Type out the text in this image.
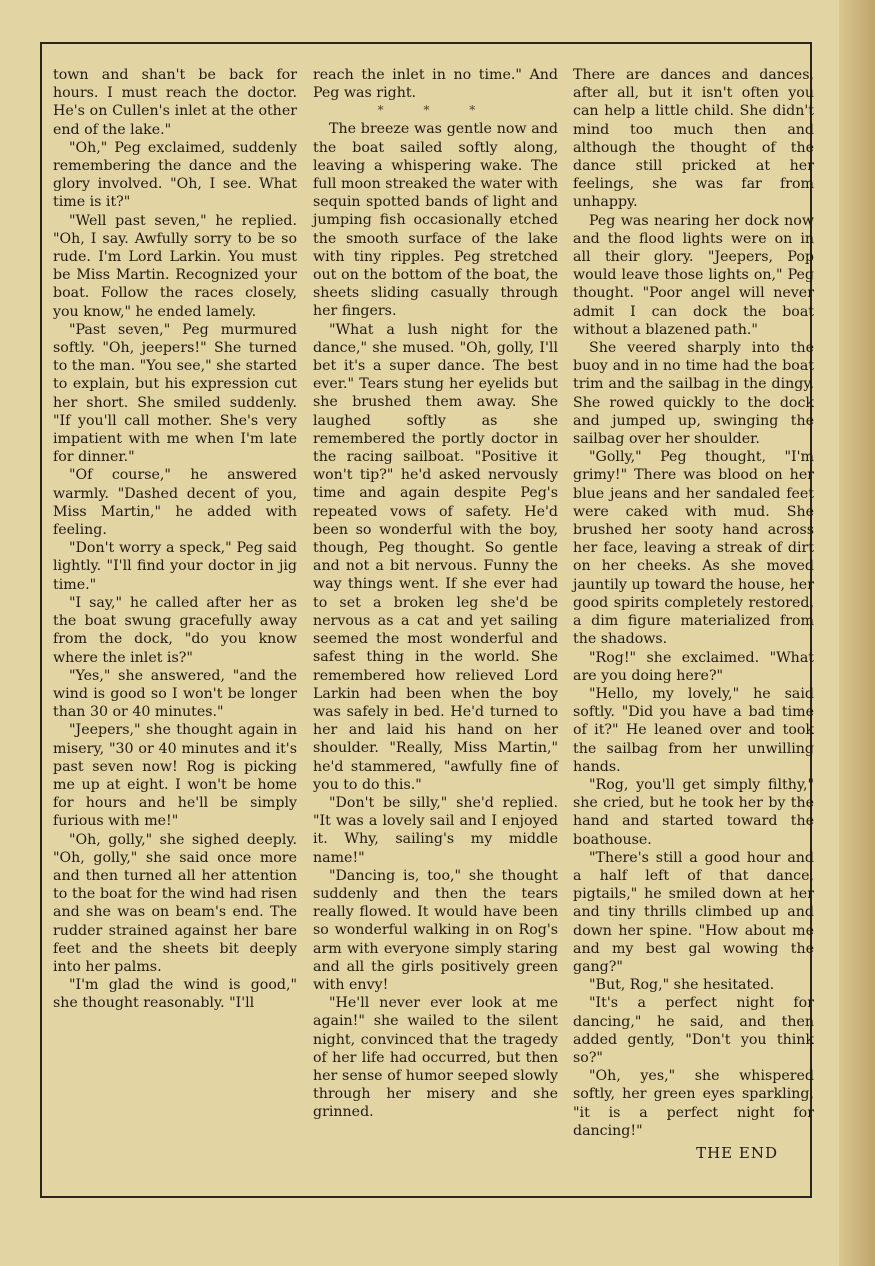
town and shan't be back for hours. I must reach the doctor. He's on Cullen's inlet at the other end of the lake."

"Oh," Peg exclaimed, suddenly remembering the dance and the glory involved. "Oh, I see. What time is it?"

"Well past seven," he replied. "Oh, I say. Awfully sorry to be so rude. I'm Lord Larkin. You must be Miss Martin. Recognized your boat. Follow the races closely, you know," he ended lamely.

"Past seven," Peg murmured softly. "Oh, jeepers!" She turned to the man. "You see," she started to explain, but his expression cut her short. She smiled suddenly. "If you'll call mother. She's very impatient with me when I'm late for dinner."

"Of course," he answered warmly. "Dashed decent of you, Miss Martin," he added with feeling.

"Don't worry a speck," Peg said lightly. "I'll find your doctor in jig time."

"I say," he called after her as the boat swung gracefully away from the dock, "do you know where the inlet is?"

"Yes," she answered, "and the wind is good so I won't be longer than 30 or 40 minutes."

"Jeepers," she thought again in misery, "30 or 40 minutes and it's past seven now! Rog is picking me up at eight. I won't be home for hours and he'll be simply furious with me!"

"Oh, golly," she sighed deeply. "Oh, golly," she said once more and then turned all her attention to the boat for the wind had risen and she was on beam's end. The rudder strained against her bare feet and the sheets bit deeply into her palms.

"I'm glad the wind is good," she thought reasonably. "I'll

reach the inlet in no time." And Peg was right.

* * *

The breeze was gentle now and the boat sailed softly along, leaving a whispering wake. The full moon streaked the water with sequin spotted bands of light and jumping fish occasionally etched the smooth surface of the lake with tiny ripples. Peg stretched out on the bottom of the boat, the sheets sliding casually through her fingers.

"What a lush night for the dance," she mused. "Oh, golly, I'll bet it's a super dance. The best ever." Tears stung her eyelids but she brushed them away. She laughed softly as she remembered the portly doctor in the racing sailboat. "Positive it won't tip?" he'd asked nervously time and again despite Peg's repeated vows of safety. He'd been so wonderful with the boy, though, Peg thought. So gentle and not a bit nervous. Funny the way things went. If she ever had to set a broken leg she'd be nervous as a cat and yet sailing seemed the most wonderful and safest thing in the world. She remembered how relieved Lord Larkin had been when the boy was safely in bed. He'd turned to her and laid his hand on her shoulder. "Really, Miss Martin," he'd stammered, "awfully fine of you to do this."

"Don't be silly," she'd replied. "It was a lovely sail and I enjoyed it. Why, sailing's my middle name!"

"Dancing is, too," she thought suddenly and then the tears really flowed. It would have been so wonderful walking in on Rog's arm with everyone simply staring and all the girls positively green with envy!

"He'll never ever look at me again!" she wailed to the silent night, convinced that the tragedy of her life had occurred, but then her sense of humor seeped slowly through her misery and she grinned.

There are dances and dances, after all, but it isn't often you can help a little child. She didn't mind too much then and although the thought of the dance still pricked at her feelings, she was far from unhappy.

Peg was nearing her dock now and the flood lights were on in all their glory. "Jeepers, Pop would leave those lights on," Peg thought. "Poor angel will never admit I can dock the boat without a blazened path."

She veered sharply into the buoy and in no time had the boat trim and the sailbag in the dingy. She rowed quickly to the dock and jumped up, swinging the sailbag over her shoulder.

"Golly," Peg thought, "I'm grimy!" There was blood on her blue jeans and her sandaled feet were caked with mud. She brushed her sooty hand across her face, leaving a streak of dirt on her cheeks. As she moved jauntily up toward the house, her good spirits completely restored, a dim figure materialized from the shadows.

"Rog!" she exclaimed. "What are you doing here?"

"Hello, my lovely," he said softly. "Did you have a bad time of it?" He leaned over and took the sailbag from her unwilling hands.

"Rog, you'll get simply filthy," she cried, but he took her by the hand and started toward the boathouse.

"There's still a good hour and a half left of that dance, pigtails," he smiled down at her and tiny thrills climbed up and down her spine. "How about me and my best gal wowing the gang?"

"But, Rog," she hesitated.

"It's a perfect night for dancing," he said, and then added gently, "Don't you think so?"

"Oh, yes," she whispered softly, her green eyes sparkling, "it is a perfect night for dancing!"

THE END
